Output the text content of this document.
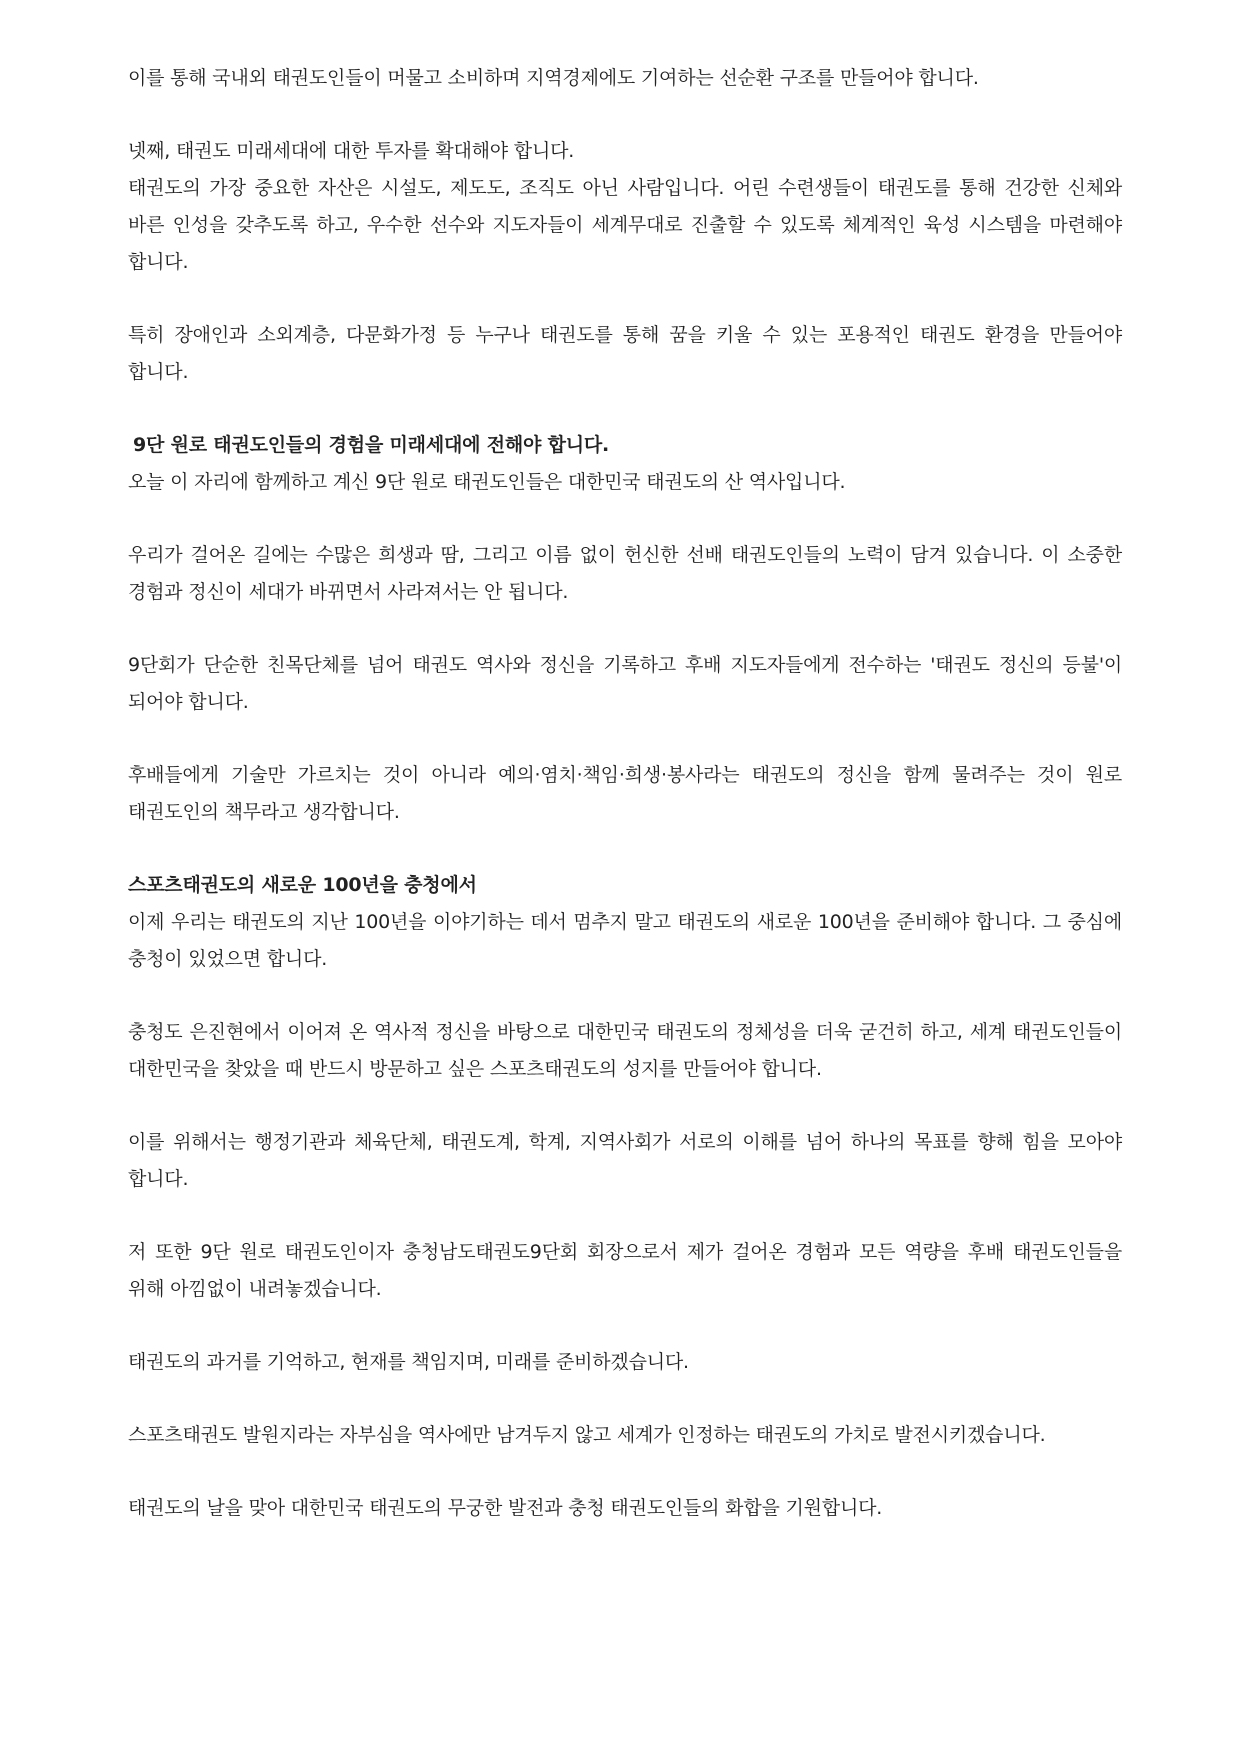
이를 통해 국내외 태권도인들이 머물고 소비하며 지역경제에도 기여하는 선순환 구조를 만들어야 합니다.

넷째, 태권도 미래세대에 대한 투자를 확대해야 합니다.

태권도의 가장 중요한 자산은 시설도, 제도도, 조직도 아닌 사람입니다. 어린 수련생들이 태권도를 통해 건강한 신체와 바른 인성을 갖추도록 하고, 우수한 선수와 지도자들이 세계무대로 진출할 수 있도록 체계적인 육성 시스템을 마련해야 합니다.

특히 장애인과 소외계층, 다문화가정 등 누구나 태권도를 통해 꿈을 키울 수 있는 포용적인 태권도 환경을 만들어야 합니다.

9단 원로 태권도인들의 경험을 미래세대에 전해야 합니다.

오늘 이 자리에 함께하고 계신 9단 원로 태권도인들은 대한민국 태권도의 산 역사입니다.

우리가 걸어온 길에는 수많은 희생과 땀, 그리고 이름 없이 헌신한 선배 태권도인들의 노력이 담겨 있습니다. 이 소중한 경험과 정신이 세대가 바뀌면서 사라져서는 안 됩니다.

9단회가 단순한 친목단체를 넘어 태권도 역사와 정신을 기록하고 후배 지도자들에게 전수하는 '태권도 정신의 등불'이 되어야 합니다.

후배들에게 기술만 가르치는 것이 아니라 예의·염치·책임·희생·봉사라는 태권도의 정신을 함께 물려주는 것이 원로 태권도인의 책무라고 생각합니다.

스포츠태권도의 새로운 100년을 충청에서

이제 우리는 태권도의 지난 100년을 이야기하는 데서 멈추지 말고 태권도의 새로운 100년을 준비해야 합니다. 그 중심에 충청이 있었으면 합니다.

충청도 은진현에서 이어져 온 역사적 정신을 바탕으로 대한민국 태권도의 정체성을 더욱 굳건히 하고, 세계 태권도인들이 대한민국을 찾았을 때 반드시 방문하고 싶은 스포츠태권도의 성지를 만들어야 합니다.

이를 위해서는 행정기관과 체육단체, 태권도계, 학계, 지역사회가 서로의 이해를 넘어 하나의 목표를 향해 힘을 모아야 합니다.

저 또한 9단 원로 태권도인이자 충청남도태권도9단회 회장으로서 제가 걸어온 경험과 모든 역량을 후배 태권도인들을 위해 아낌없이 내려놓겠습니다.

태권도의 과거를 기억하고, 현재를 책임지며, 미래를 준비하겠습니다.

스포츠태권도 발원지라는 자부심을 역사에만 남겨두지 않고 세계가 인정하는 태권도의 가치로 발전시키겠습니다.

태권도의 날을 맞아 대한민국 태권도의 무궁한 발전과 충청 태권도인들의 화합을 기원합니다.
